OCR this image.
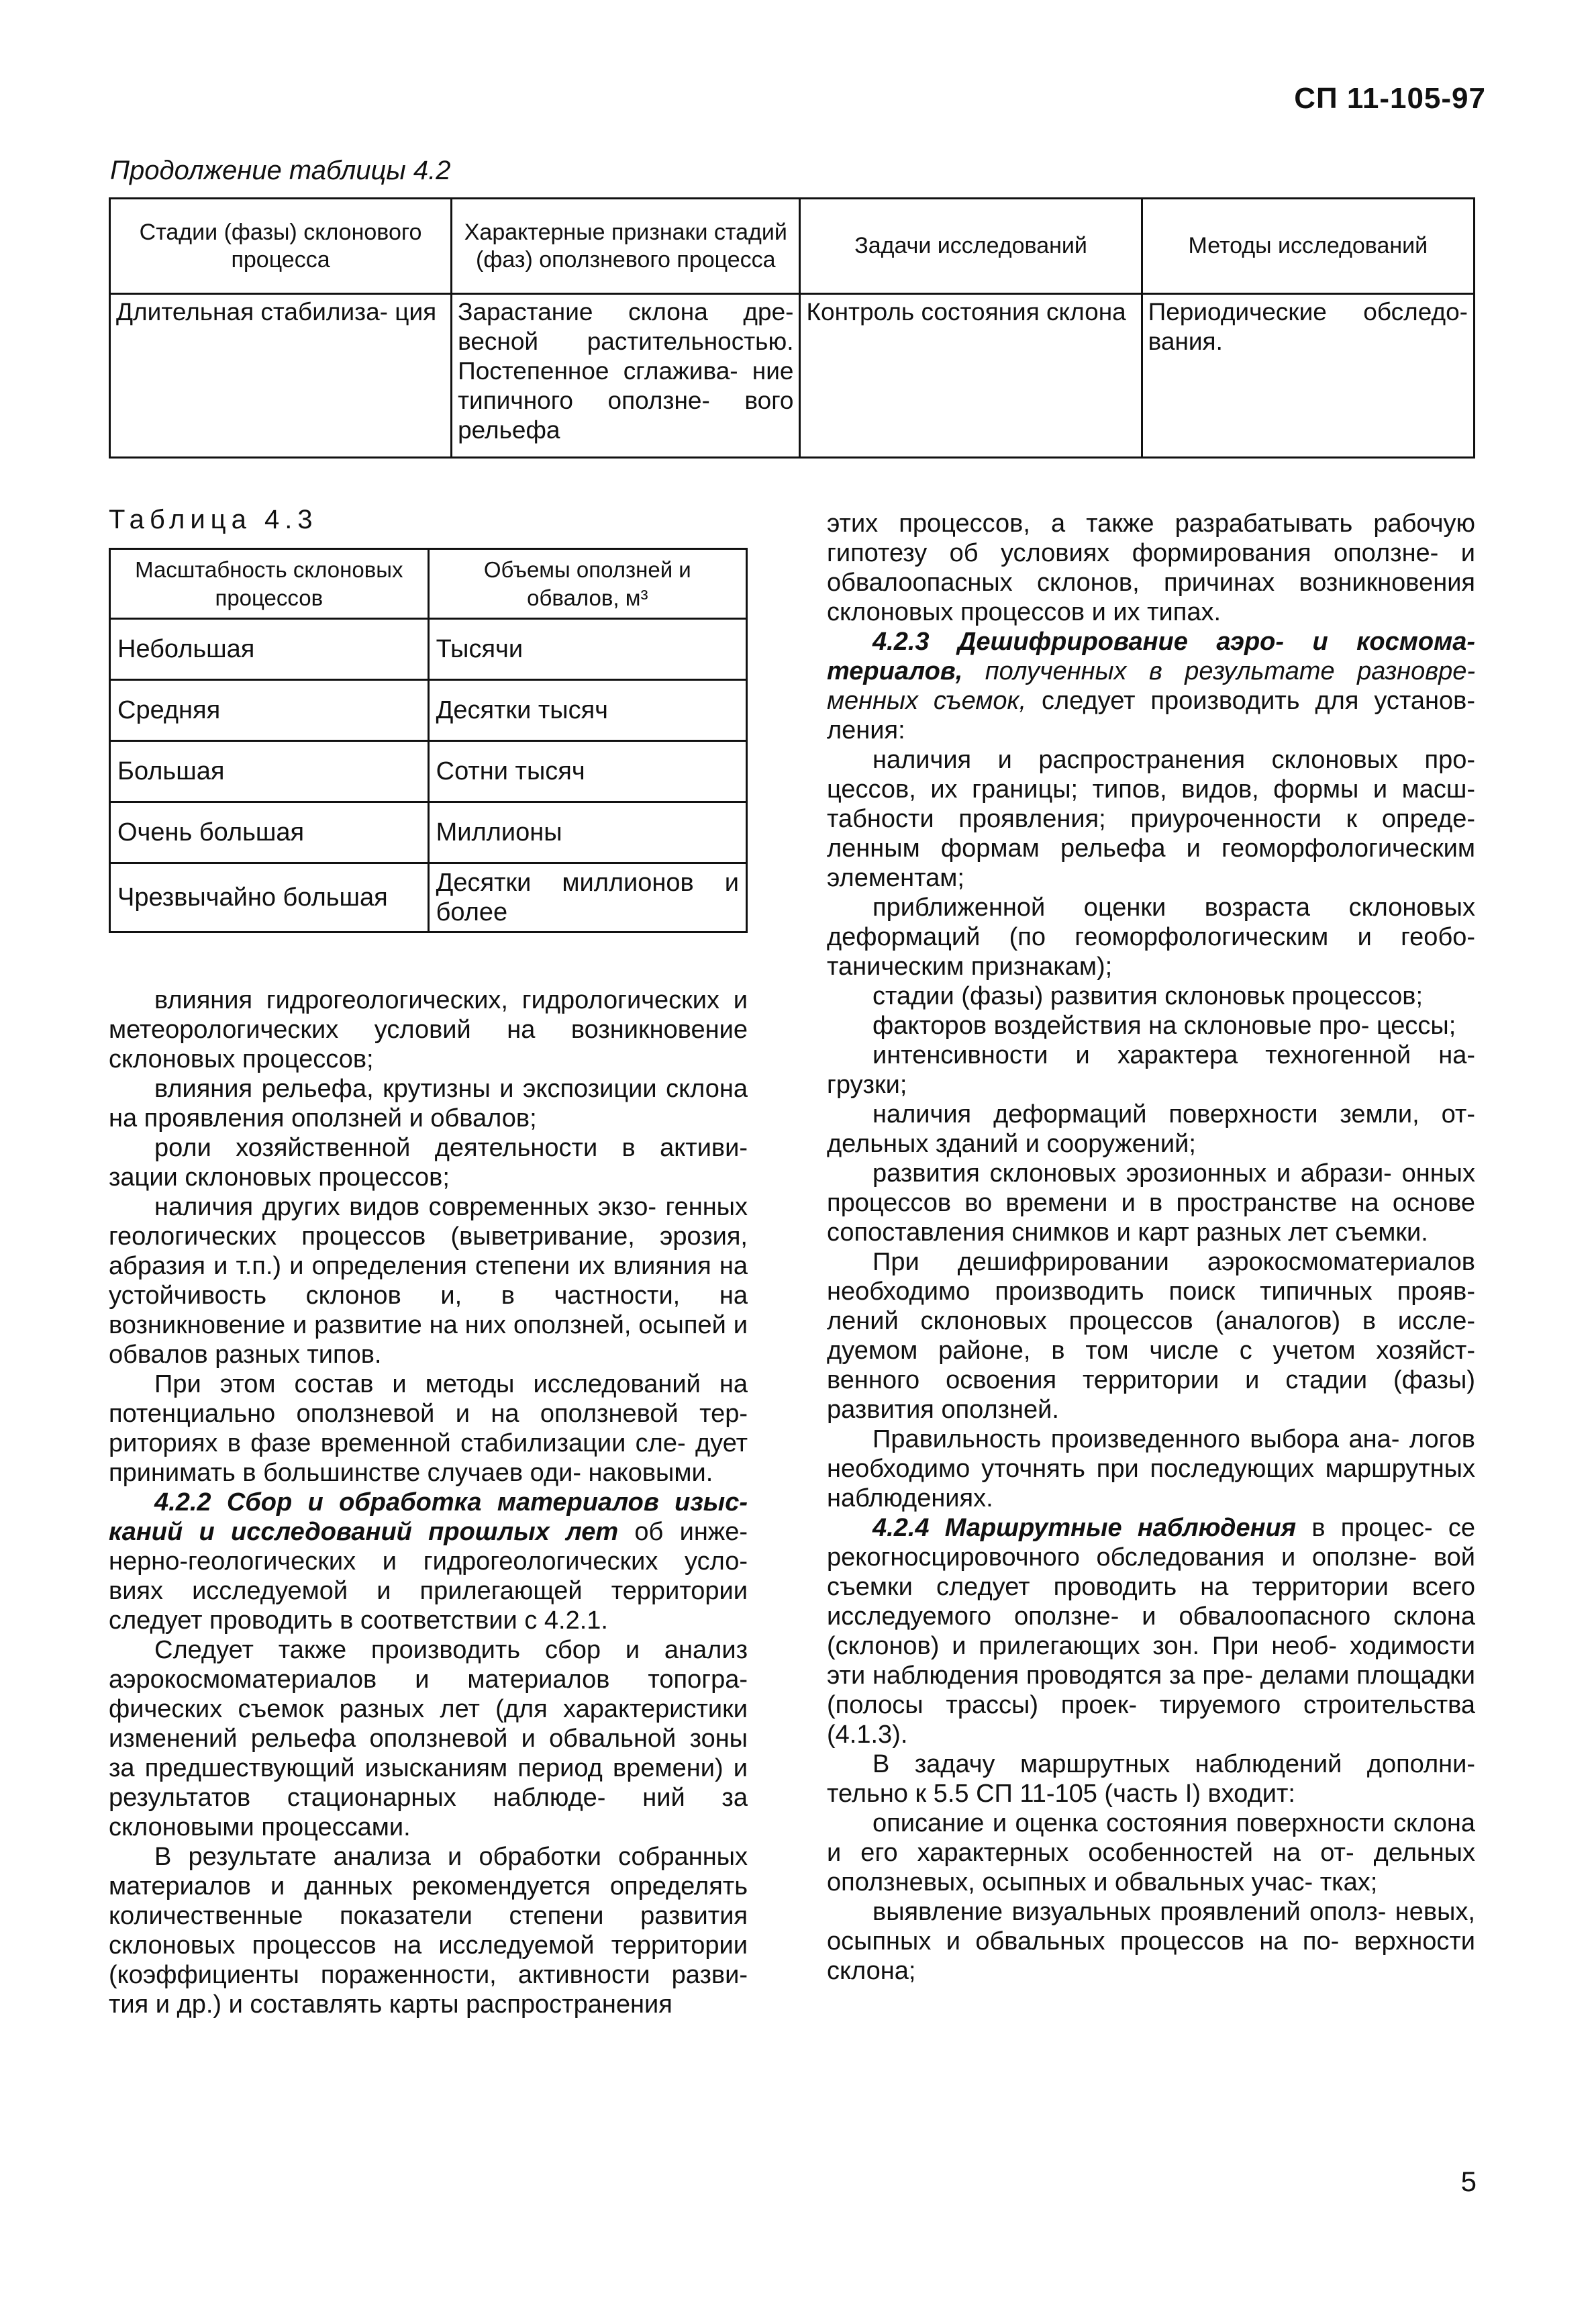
СП 11-105-97
Продолжение таблицы 4.2
Стадии (фазы) склонового процесса	Характерные признаки стадий (фаз) оползневого процесса	Задачи исследований	Методы исследований
Длительная стабилиза- ция	Зарастание склона дре- весной растительностью. Постепенное сглажива- ние типичного оползне- вого рельефа	Контроль состояния склона	Периодические обследо- вания.
Таблица 4.3
Масштабность склоновых процессов	Объемы оползней и обвалов, м³
Небольшая	Тысячи
Средняя	Десятки тысяч
Большая	Сотни тысяч
Очень большая	Миллионы
Чрезвычайно большая	Десятки миллионов и более

влияния гидрогеологических, гидрологических и метеорологических условий на возникновение склоновых процессов;

влияния рельефа, крутизны и экспозиции склона на проявления оползней и обвалов;

роли хозяйственной деятельности в активи- зации склоновых процессов;

наличия других видов современных экзо- генных геологических процессов (выветривание, эрозия, абразия и т.п.) и определения степени их влияния на устойчивость склонов и, в частности, на возникновение и развитие на них оползней, осыпей и обвалов разных типов.

При этом состав и методы исследований на потенциально оползневой и на оползневой тер- риториях в фазе временной стабилизации сле- дует принимать в большинстве случаев оди- наковыми.

4.2.2 Сбор и обработка материалов изыс- каний и исследований прошлых лет об инже- нерно-геологических и гидрогеологических усло- виях исследуемой и прилегающей территории следует проводить в соответствии с 4.2.1.

Следует также производить сбор и анализ аэрокосмоматериалов и материалов топогра- фических съемок разных лет (для характеристики изменений рельефа оползневой и обвальной зоны за предшествующий изысканиям период времени) и результатов стационарных наблюде- ний за склоновыми процессами.

В результате анализа и обработки собранных материалов и данных рекомендуется определять количественные показатели степени развития склоновых процессов на исследуемой территории (коэффициенты пораженности, активности разви- тия и др.) и составлять карты распространения

этих процессов, а также разрабатывать рабочую гипотезу об условиях формирования оползне- и обвалоопасных склонов, причинах возникновения склоновых процессов и их типах.

4.2.3 Дешифрирование аэро- и космома- териалов, полученных в результате разновре- менных съемок, следует производить для установ- ления:

наличия и распространения склоновых про- цессов, их границы; типов, видов, формы и масш- табности проявления; приуроченности к опреде- ленным формам рельефа и геоморфологическим элементам;

приближенной оценки возраста склоновых деформаций (по геоморфологическим и геобо- таническим признакам);

стадии (фазы) развития склоновьк процессов;

факторов воздействия на склоновые про- цессы;

интенсивности и характера техногенной на- грузки;

наличия деформаций поверхности земли, от- дельных зданий и сооружений;

развития склоновых эрозионных и абрази- онных процессов во времени и в пространстве на основе сопоставления снимков и карт разных лет съемки.

При дешифрировании аэрокосмоматериалов необходимо производить поиск типичных прояв- лений склоновых процессов (аналогов) в иссле- дуемом районе, в том числе с учетом хозяйст- венного освоения территории и стадии (фазы) развития оползней.

Правильность произведенного выбора ана- логов необходимо уточнять при последующих маршрутных наблюдениях.

4.2.4 Маршрутные наблюдения в процес- се рекогносцировочного обследования и оползне- вой съемки следует проводить на территории всего исследуемого оползне- и обвалоопасного склона (склонов) и прилегающих зон. При необ- ходимости эти наблюдения проводятся за пре- делами площадки (полосы трассы) проек- тируемого строительства (4.1.3).

В задачу маршрутных наблюдений дополни- тельно к 5.5 СП 11-105 (часть I) входит:

описание и оценка состояния поверхности склона и его характерных особенностей на от- дельных оползневых, осыпных и обвальных учас- тках;

выявление визуальных проявлений ополз- невых, осыпных и обвальных процессов на по- верхности склона;

5
